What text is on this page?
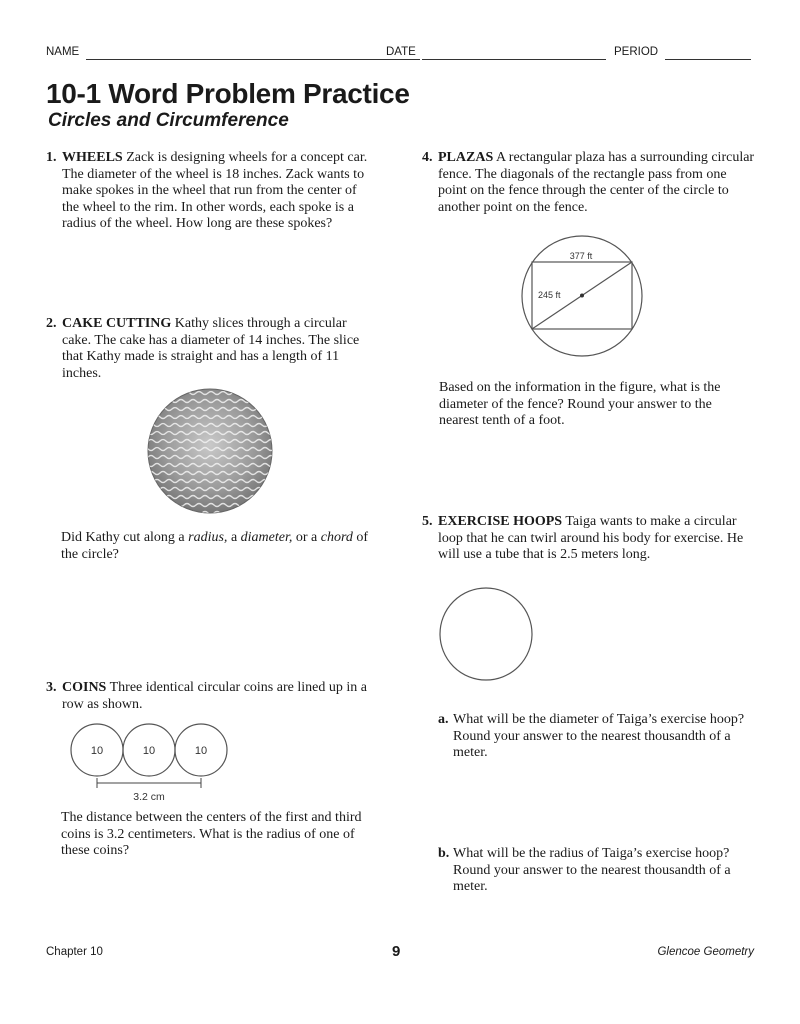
NAME	DATE	PERIOD
10-1 Word Problem Practice
Circles and Circumference
1. WHEELS Zack is designing wheels for a concept car. The diameter of the wheel is 18 inches. Zack wants to make spokes in the wheel that run from the center of the wheel to the rim. In other words, each spoke is a radius of the wheel. How long are these spokes?
2. CAKE CUTTING Kathy slices through a circular cake. The cake has a diameter of 14 inches. The slice that Kathy made is straight and has a length of 11 inches.
Did Kathy cut along a radius, a diameter, or a chord of the circle?
3. COINS Three identical circular coins are lined up in a row as shown.
10	10	10
3.2 cm
The distance between the centers of the first and third coins is 3.2 centimeters. What is the radius of one of these coins?
4. PLAZAS A rectangular plaza has a surrounding circular fence. The diagonals of the rectangle pass from one point on the fence through the center of the circle to another point on the fence.
377 ft
245 ft
Based on the information in the figure, what is the diameter of the fence? Round your answer to the nearest tenth of a foot.
5. EXERCISE HOOPS Taiga wants to make a circular loop that he can twirl around his body for exercise. He will use a tube that is 2.5 meters long.
a. What will be the diameter of Taiga’s exercise hoop? Round your answer to the nearest thousandth of a meter.
b. What will be the radius of Taiga’s exercise hoop? Round your answer to the nearest thousandth of a meter.
Chapter 10	9	Glencoe Geometry
